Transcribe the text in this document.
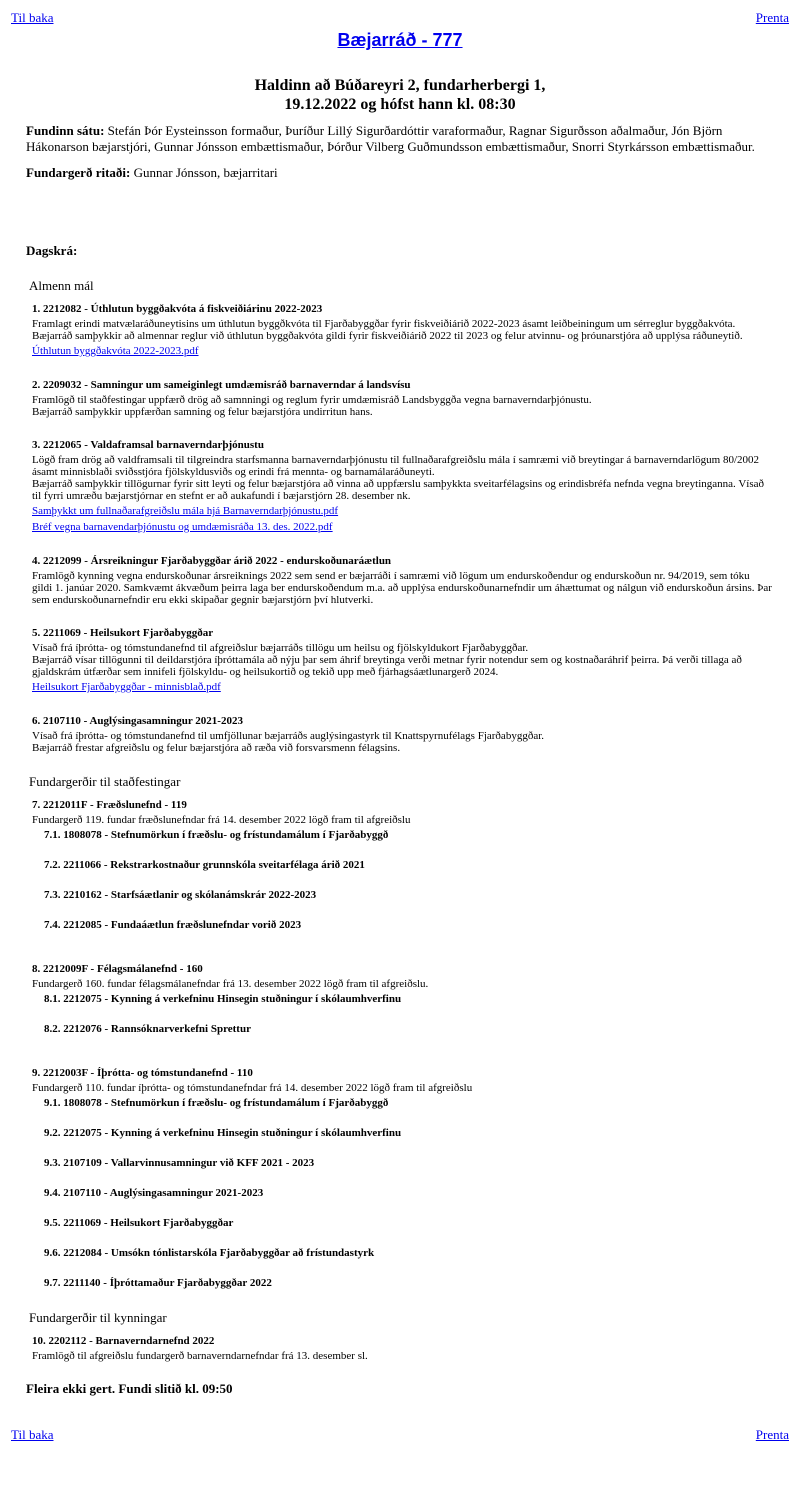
Til baka	Prenta
Bæjarráð - 777
Haldinn að Búðareyri 2, fundarherbergi 1,
19.12.2022 og hófst hann kl. 08:30
Fundinn sátu: Stefán Þór Eysteinsson formaður, Þuríður Lillý Sigurðardóttir varaformaður, Ragnar Sigurðsson aðalmaður, Jón Björn Hákonarson bæjarstjóri, Gunnar Jónsson embættismaður, Þórður Vilberg Guðmundsson embættismaður, Snorri Styrkársson embættismaður.
Fundargerð ritaði: Gunnar Jónsson, bæjarritari
Dagskrá:
Almenn mál
1. 2212082 - Úthlutun byggðakvóta á fiskveiðiárinu 2022-2023
Framlagt erindi matvælaráðuneytisins um úthlutun byggðkvóta til Fjarðabyggðar fyrir fiskveiðiárið 2022-2023 ásamt leiðbeiningum um sérreglur byggðakvóta.
Bæjarráð samþykkir að almennar reglur við úthlutun byggðakvóta gildi fyrir fiskveiðiárið 2022 til 2023 og felur atvinnu- og þróunarstjóra að upplýsa ráðuneytið.
Úthlutun byggðakvóta 2022-2023.pdf
2. 2209032 - Samningur um sameiginlegt umdæmisráð barnaverndar á landsvísu
Framlögð til staðfestingar uppfærð drög að samnningi og reglum fyrir umdæmisráð Landsbyggða vegna barnaverndarþjónustu.
Bæjarráð samþykkir uppfærðan samning og felur bæjarstjóra undirritun hans.
3. 2212065 - Valdaframsal barnaverndarþjónustu
Lögð fram drög að valdframsali til tilgreindra starfsmanna barnaverndarþjónustu til fullnaðarafgreiðslu mála í samræmi við breytingar á barnaverndarlögum 80/2002 ásamt minnisblaði sviðsstjóra fjölskyldusviðs og erindi frá mennta- og barnamálaráðuneyti.
Bæjarráð samþykkir tillögurnar fyrir sitt leyti og felur bæjarstjóra að vinna að uppfærslu samþykkta sveitarfélagsins og erindisbréfa nefnda vegna breytinganna. Vísað til fyrri umræðu bæjarstjórnar en stefnt er að aukafundi í bæjarstjórn 28. desember nk.
Samþykkt um fullnaðarafgreiðslu mála hjá Barnaverndarþjónustu.pdf
Bréf vegna barnavendarþjónustu og umdæmisráða 13. des. 2022.pdf
4. 2212099 - Ársreikningur Fjarðabyggðar árið 2022 - endurskoðunaráætlun
Framlögð kynning vegna endurskoðunar ársreiknings 2022 sem send er bæjarráði í samræmi við lögum um endurskoðendur og endurskoðun nr. 94/2019, sem tóku gildi 1. janúar 2020. Samkvæmt ákvæðum þeirra laga ber endurskoðendum m.a. að upplýsa endurskoðunarnefndir um áhættumat og nálgun við endurskoðun ársins. Þar sem endurskoðunarnefndir eru ekki skipaðar gegnir bæjarstjórn því hlutverki.
5. 2211069 - Heilsukort Fjarðabyggðar
Vísað frá íþrótta- og tómstundanefnd til afgreiðslur bæjarráðs tillögu um heilsu og fjölskyldukort Fjarðabyggðar.
Bæjarráð vísar tillögunni til deildarstjóra íþróttamála að nýju þar sem áhrif breytinga verði metnar fyrir notendur sem og kostnaðaráhrif þeirra. Þá verði tillaga að gjaldskrám útfærðar sem innifeli fjölskyldu- og heilsukortið og tekið upp með fjárhagsáætlunargerð 2024.
Heilsukort Fjarðabyggðar - minnisblað.pdf
6. 2107110 - Auglýsingasamningur 2021-2023
Vísað frá íþrótta- og tómstundanefnd til umfjöllunar bæjarráðs auglýsingastyrk til Knattspyrnufélags Fjarðabyggðar.
Bæjarráð frestar afgreiðslu og felur bæjarstjóra að ræða við forsvarsmenn félagsins.
Fundargerðir til staðfestingar
7. 2212011F - Fræðslunefnd - 119
Fundargerð 119. fundar fræðslunefndar frá 14. desember 2022 lögð fram til afgreiðslu
7.1. 1808078 - Stefnumörkun í fræðslu- og frístundamálum í Fjarðabyggð
7.2. 2211066 - Rekstrarkostnaður grunnskóla sveitarfélaga árið 2021
7.3. 2210162 - Starfsáætlanir og skólanámskrár 2022-2023
7.4. 2212085 - Fundaáætlun fræðslunefndar vorið 2023
8. 2212009F - Félagsmálanefnd - 160
Fundargerð 160. fundar félagsmálanefndar frá 13. desember 2022 lögð fram til afgreiðslu.
8.1. 2212075 - Kynning á verkefninu Hinsegin stuðningur í skólaumhverfinu
8.2. 2212076 - Rannsóknarverkefni Sprettur
9. 2212003F - Íþrótta- og tómstundanefnd - 110
Fundargerð 110. fundar íþrótta- og tómstundanefndar frá 14. desember 2022 lögð fram til afgreiðslu
9.1. 1808078 - Stefnumörkun í fræðslu- og frístundamálum í Fjarðabyggð
9.2. 2212075 - Kynning á verkefninu Hinsegin stuðningur í skólaumhverfinu
9.3. 2107109 - Vallarvinnusamningur við KFF 2021 - 2023
9.4. 2107110 - Auglýsingasamningur 2021-2023
9.5. 2211069 - Heilsukort Fjarðabyggðar
9.6. 2212084 - Umsókn tónlistarskóla Fjarðabyggðar að frístundastyrk
9.7. 2211140 - Íþróttamaður Fjarðabyggðar 2022
Fundargerðir til kynningar
10. 2202112 - Barnaverndarnefnd 2022
Framlögð til afgreiðslu fundargerð barnaverndarnefndar frá 13. desember sl.
Fleira ekki gert. Fundi slitið kl. 09:50
Til baka	Prenta
